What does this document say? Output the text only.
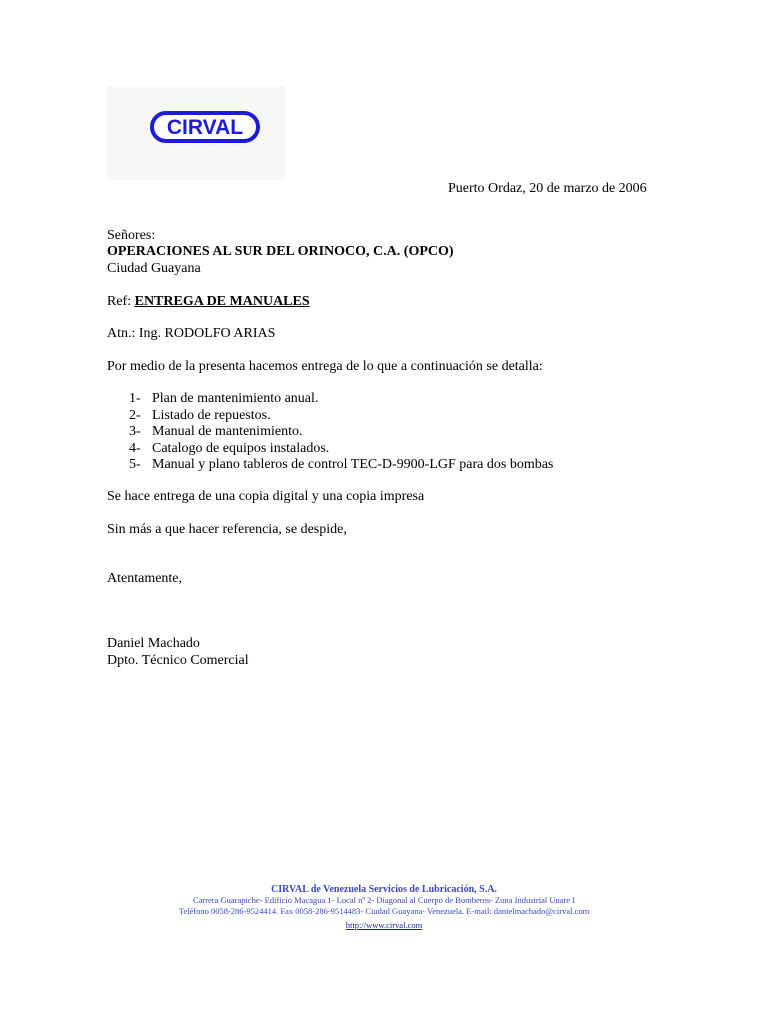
CIRVAL
Puerto Ordaz, 20 de marzo de 2006
Señores:
OPERACIONES AL SUR DEL ORINOCO, C.A. (OPCO)
Ciudad Guayana
Ref: ENTREGA DE MANUALES
Atn.: Ing. RODOLFO ARIAS
Por medio de la presenta hacemos entrega de lo que a continuación se detalla:
1- Plan de mantenimiento anual.
2- Listado de repuestos.
3- Manual de mantenimiento.
4- Catalogo de equipos instalados.
5- Manual y plano tableros de control TEC-D-9900-LGF para dos bombas
Se hace entrega de una copia digital y una copia impresa
Sin más a que hacer referencia, se despide,
Atentamente,
Daniel Machado
Dpto. Técnico Comercial
CIRVAL de Venezuela Servicios de Lubricación, S.A.
Carrera Guarapiche- Edificio Macagua 1- Local nº 2- Diagonal al Cuerpo de Bomberos- Zona Industrial Unare I
Teléfono 0058-286-9524414. Fax 0058-286-9514483- Ciudad Guayana- Venezuela. E-mail: danielmachado@cirval.com
http://www.cirval.com
